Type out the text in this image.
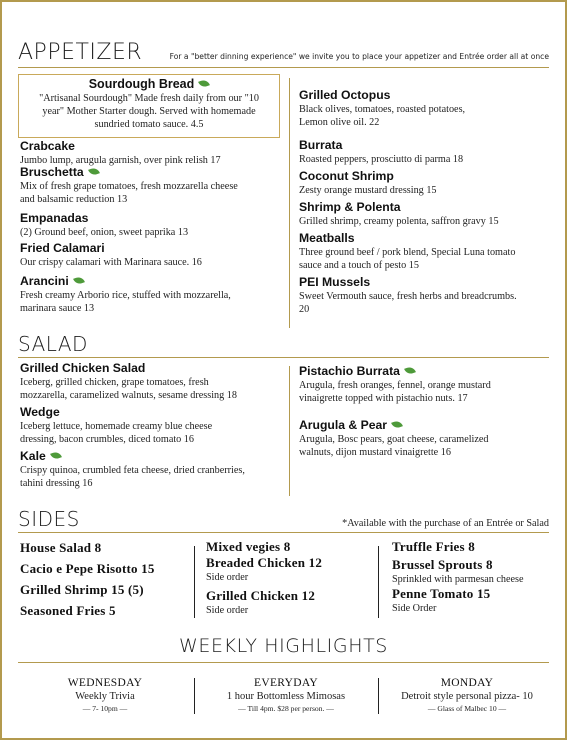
APPETIZER	For a "better dinning experience" we invite you to place your appetizer and Entrée order all at once
Sourdough Bread
"Artisanal Sourdough" Made fresh daily from our "10
year" Mother Starter dough. Served with homemade
sundried tomato sauce. 4.5
Crabcake
Jumbo lump, arugula garnish, over pink relish 17
Bruschetta
Mix of fresh grape tomatoes, fresh mozzarella cheese
and balsamic reduction 13
Empanadas
(2) Ground beef, onion, sweet paprika 13
Fried Calamari
Our crispy calamari with Marinara sauce. 16
Arancini
Fresh creamy Arborio rice, stuffed with mozzarella,
marinara sauce 13
Grilled Octopus
Black olives, tomatoes, roasted potatoes,
Lemon olive oil. 22
Burrata
Roasted peppers, prosciutto di parma 18
Coconut Shrimp
Zesty orange mustard dressing 15
Shrimp & Polenta
Grilled shrimp, creamy polenta, saffron gravy 15
Meatballs
Three ground beef / pork blend, Special Luna tomato
sauce and a touch of pesto 15
PEI Mussels
Sweet Vermouth sauce, fresh herbs and breadcrumbs.
20
SALAD
Grilled Chicken Salad
Iceberg, grilled chicken, grape tomatoes, fresh
mozzarella, caramelized walnuts, sesame dressing 18
Wedge
Iceberg lettuce, homemade creamy blue cheese
dressing, bacon crumbles, diced tomato 16
Kale
Crispy quinoa, crumbled feta cheese, dried cranberries,
tahini dressing 16
Pistachio Burrata
Arugula, fresh oranges, fennel, orange mustard
vinaigrette topped with pistachio nuts. 17
Arugula & Pear
Arugula, Bosc pears, goat cheese, caramelized
walnuts, dijon mustard vinaigrette 16
SIDES	*Available with the purchase of an Entrée or Salad
House Salad 8
Cacio e Pepe Risotto 15
Grilled Shrimp 15 (5)
Seasoned Fries 5
Mixed vegies 8
Breaded Chicken 12
Side order
Grilled Chicken 12
Side order
Truffle Fries 8
Brussel Sprouts 8
Sprinkled with parmesan cheese
Penne Tomato 15
Side Order
WEEKLY HIGHLIGHTS
WEDNESDAY
Weekly Trivia
— 7- 10pm —
EVERYDAY
1 hour Bottomless Mimosas
— Till 4pm. $28 per person. —
MONDAY
Detroit style personal pizza- 10
— Glass of Malbec 10 —
